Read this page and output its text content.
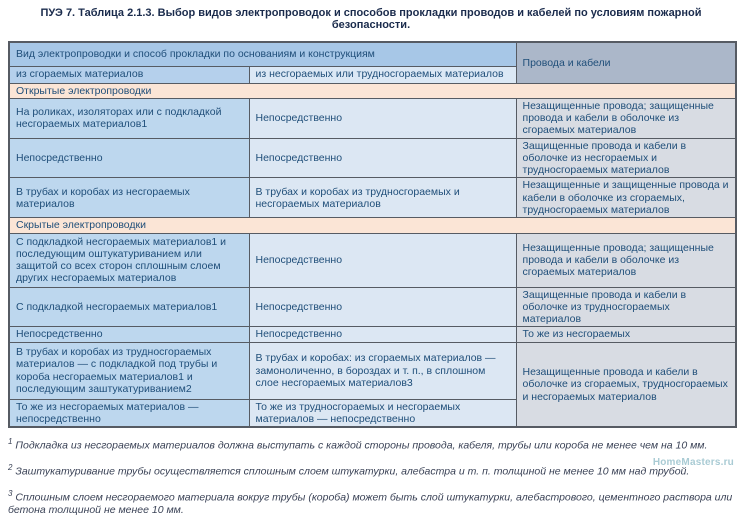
ПУЭ 7. Таблица 2.1.3. Выбор видов электропроводок и способов прокладки проводов и кабелей по условиям пожарной безопасности.
Вид электропроводки и способ прокладки по основаниям и конструкциям		Провода и кабели
из сгораемых материалов	из несгораемых или трудносгораемых материалов	
Открытые электропроводки		
На роликах, изоляторах или с подкладкой несгораемых материалов1	Непосредственно	Незащищенные провода; защищенные провода и кабели в оболочке из сгораемых материалов
Непосредственно	Непосредственно	Защищенные провода и кабели в оболочке из несгораемых и трудносгораемых материалов
В трубах и коробах из несгораемых материалов	В трубах и коробах из трудносгораемых и несгораемых материалов	Незащищенные и защищенные провода и кабели в оболочке из сгораемых, трудносгораемых материалов
Скрытые электропроводки		
С подкладкой несгораемых материалов1 и последующим оштукатуриванием или защитой со всех сторон сплошным слоем других несгораемых материалов	Непосредственно	Незащищенные провода; защищенные провода и кабели в оболочке из сгораемых материалов
С подкладкой несгораемых материалов1	Непосредственно	Защищенные провода и кабели в оболочке из трудносгораемых материалов
Непосредственно	Непосредственно	То же из несгораемых
В трубах и коробах из трудносгораемых материалов — с подкладкой под трубы и короба несгораемых материалов1 и последующим заштукатуриванием2	В трубах и коробах: из сгораемых материалов — замоноличенно, в бороздах и т. п., в сплошном слое несгораемых материалов3	Незащищенные провода и кабели в оболочке из сгораемых, трудносгораемых и несгораемых материалов
То же из несгораемых материалов — непосредственно	То же из трудносгораемых и несгораемых материалов — непосредственно	

$^1$ Подкладка из несгораемых материалов должна выступать с каждой стороны провода, кабеля, трубы или короба не менее чем на 10 мм.

$^2$ Заштукатуривание трубы осуществляется сплошным слоем штукатурки, алебастра и т. п. толщиной не менее 10 мм над трубой.

$^3$ Сплошным слоем несгораемого материала вокруг трубы (короба) может быть слой штукатурки, алебастрового, цементного раствора или бетона толщиной не менее 10 мм.

HomeMasters.ru
